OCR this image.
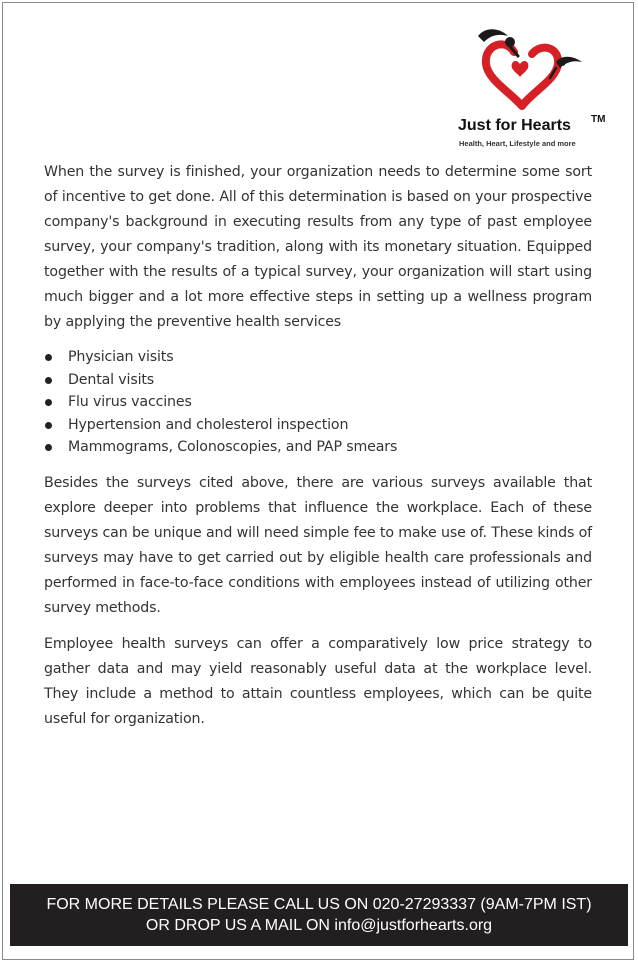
Just for Hearts TM
Health, Heart, Lifestyle and more

When the survey is finished, your organization needs to determine some sort of incentive to get done. All of this determination is based on your prospective company's background in executing results from any type of past employee survey, your company's tradition, along with its monetary situation. Equipped together with the results of a typical survey, your organization will start using much bigger and a lot more effective steps in setting up a wellness program by applying the preventive health services

Physician visits
Dental visits
Flu virus vaccines
Hypertension and cholesterol inspection
Mammograms, Colonoscopies, and PAP smears

Besides the surveys cited above, there are various surveys available that explore deeper into problems that influence the workplace. Each of these surveys can be unique and will need simple fee to make use of. These kinds of surveys may have to get carried out by eligible health care professionals and performed in face-to-face conditions with employees instead of utilizing other survey methods.

Employee health surveys can offer a comparatively low price strategy to gather data and may yield reasonably useful data at the workplace level. They include a method to attain countless employees, which can be quite useful for organization.

FOR MORE DETAILS PLEASE CALL US ON 020-27293337 (9AM-7PM IST)
OR DROP US A MAIL ON info@justforhearts.org
